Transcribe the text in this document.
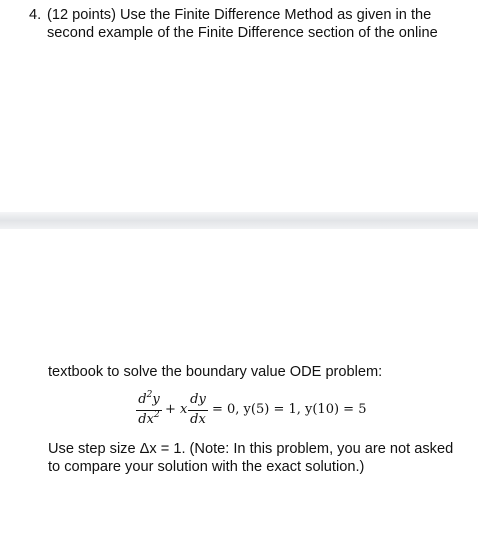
4. (12 points) Use the Finite Difference Method as given in the
second example of the Finite Difference section of the online
textbook to solve the boundary value ODE problem:
$d^2y$
$dx^2 + x$
dy
dx
= 0, y(5) = 1, y(10) = 5
Use step size Δx = 1. (Note: In this problem, you are not asked
to compare your solution with the exact solution.)
